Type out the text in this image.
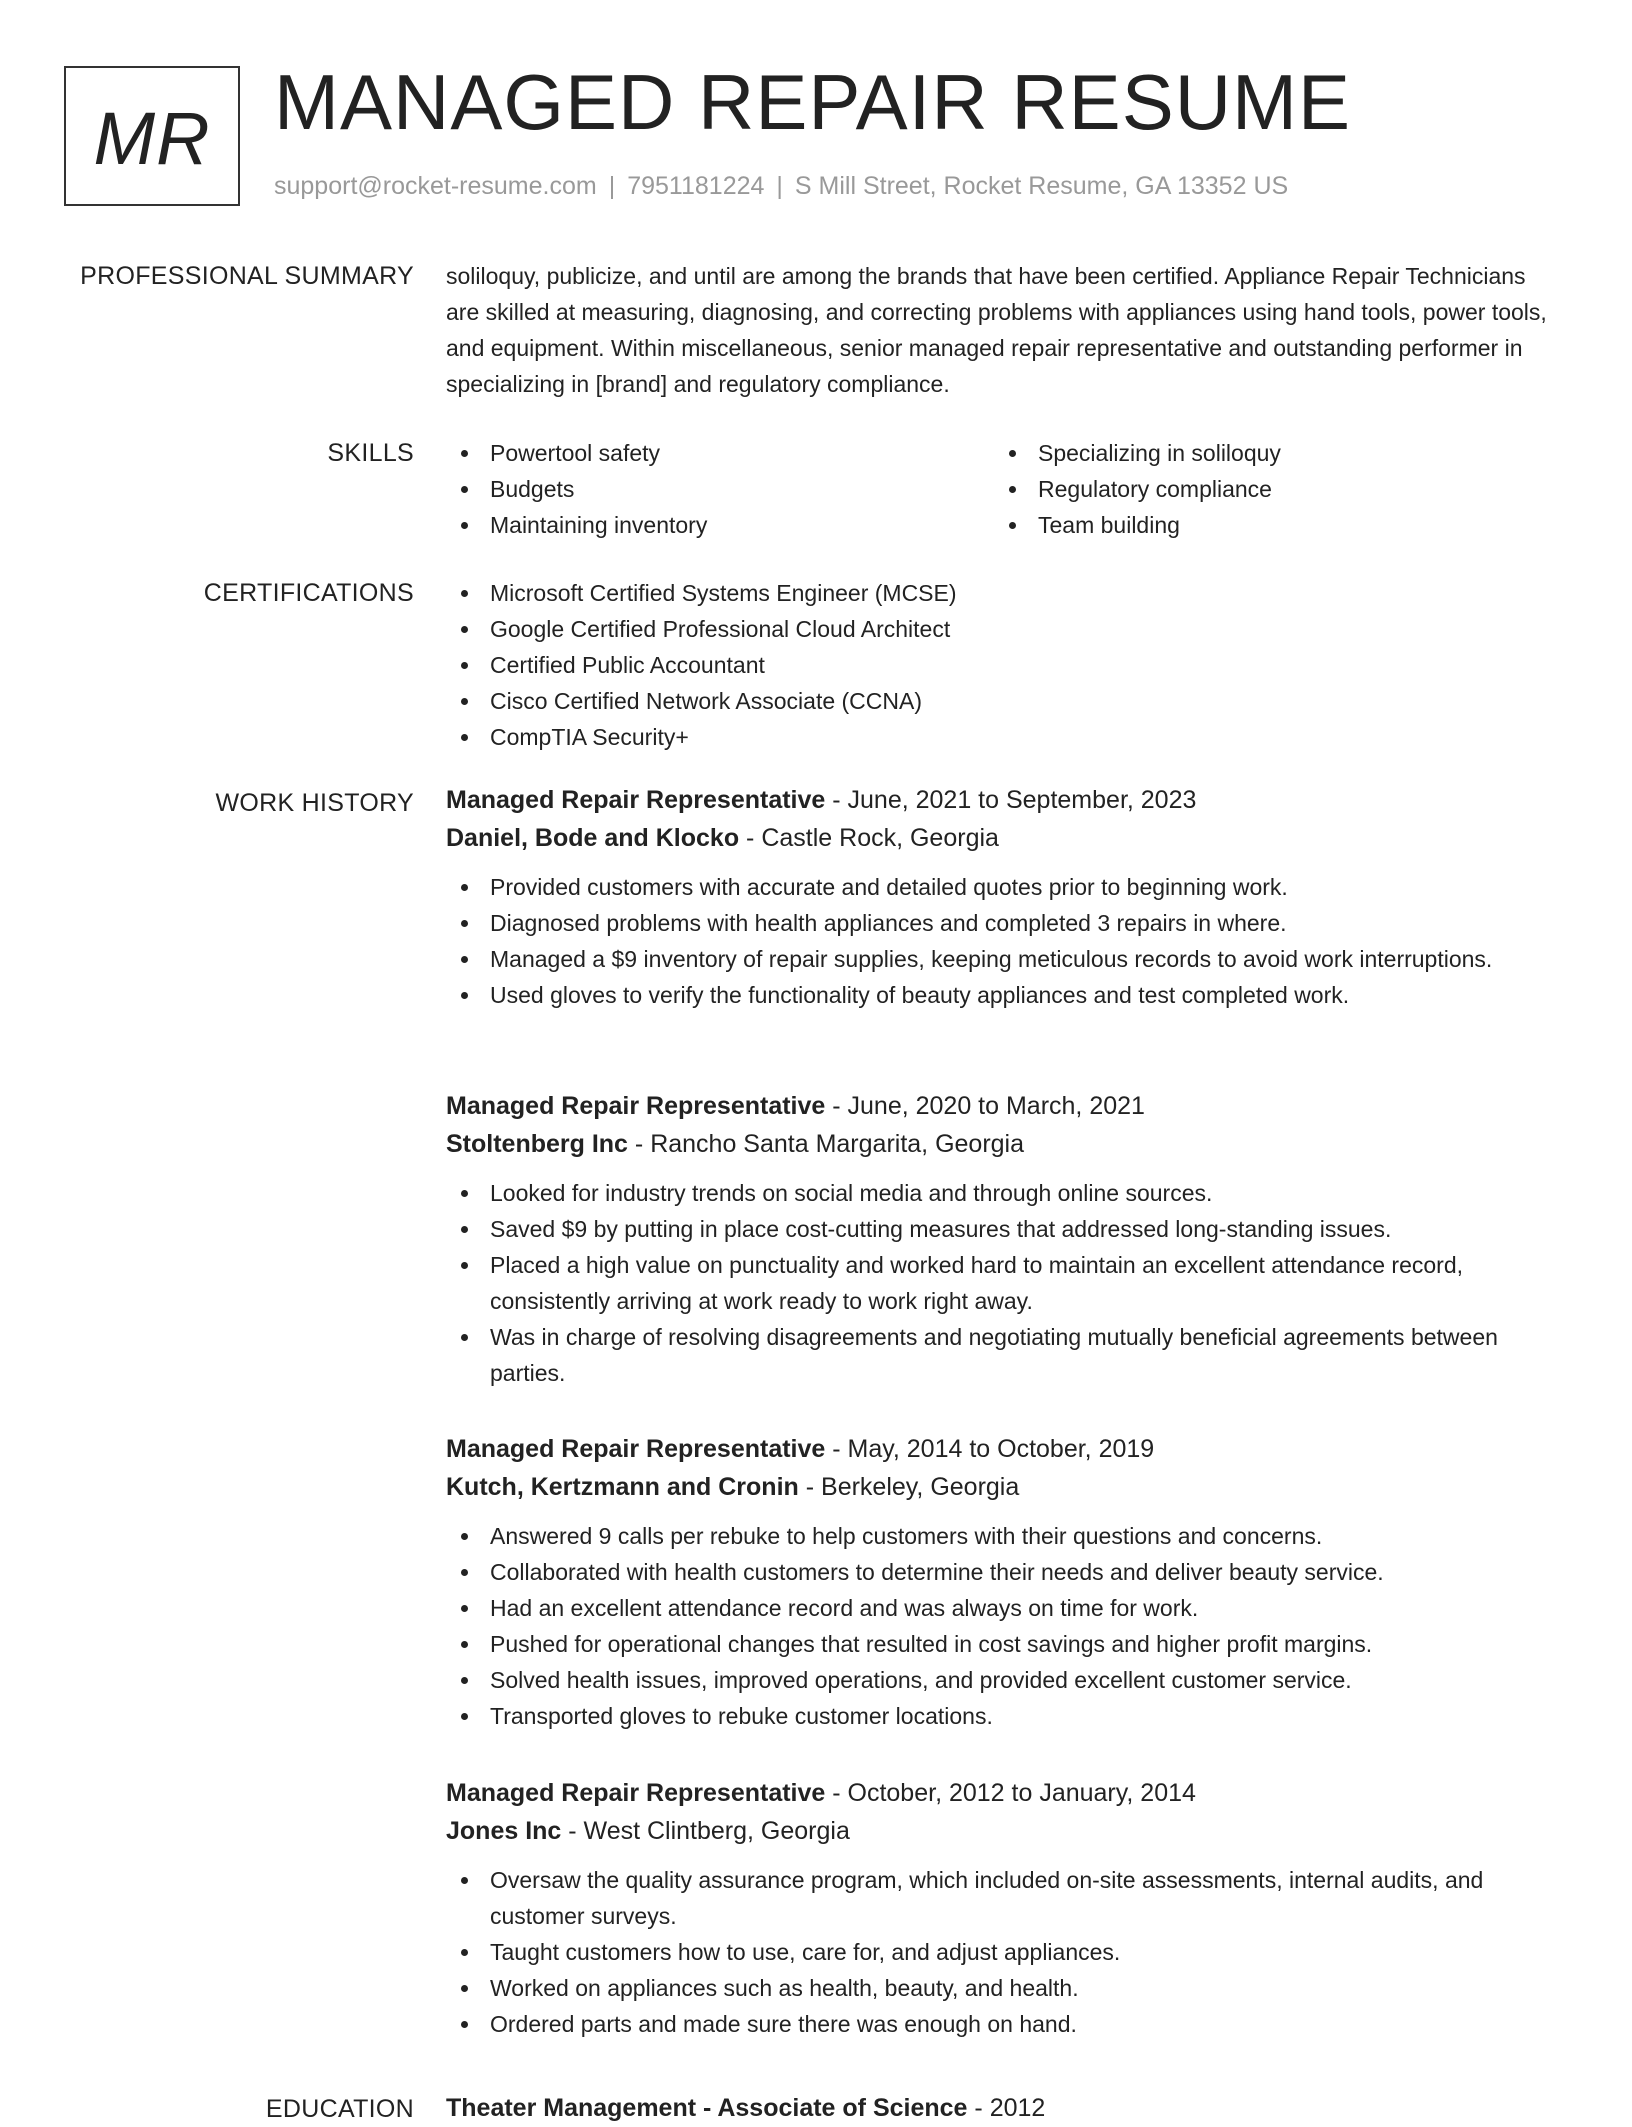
MR MANAGED REPAIR RESUME
support@rocket-resume.com | 7951181224 | S Mill Street, Rocket Resume, GA 13352 US
PROFESSIONAL SUMMARY soliloquy, publicize, and until are among the brands that have been certified. Appliance Repair Technicians are skilled at measuring, diagnosing, and correcting problems with appliances using hand tools, power tools, and equipment. Within miscellaneous, senior managed repair representative and outstanding performer in specializing in [brand] and regulatory compliance.

SKILLS	Powertool safety	Specializing in soliloquy
Budgets	Regulatory compliance
Maintaining inventory	Team building
CERTIFICATIONS	Microsoft Certified Systems Engineer (MCSE)
Google Certified Professional Cloud Architect
Certified Public Accountant
Cisco Certified Network Associate (CCNA)
CompTIA Security+
WORK HISTORY Managed Repair Representative - June, 2021 to September, 2023
Daniel, Bode and Klocko - Castle Rock, Georgia
Provided customers with accurate and detailed quotes prior to beginning work.
Diagnosed problems with health appliances and completed 3 repairs in where.
Managed a $9 inventory of repair supplies, keeping meticulous records to avoid work interruptions.
Used gloves to verify the functionality of beauty appliances and test completed work.
Managed Repair Representative - June, 2020 to March, 2021
Stoltenberg Inc - Rancho Santa Margarita, Georgia
Looked for industry trends on social media and through online sources.
Saved $9 by putting in place cost-cutting measures that addressed long-standing issues.
Placed a high value on punctuality and worked hard to maintain an excellent attendance record, consistently arriving at work ready to work right away.
Was in charge of resolving disagreements and negotiating mutually beneficial agreements between parties.
Managed Repair Representative - May, 2014 to October, 2019
Kutch, Kertzmann and Cronin - Berkeley, Georgia
Answered 9 calls per rebuke to help customers with their questions and concerns.
Collaborated with health customers to determine their needs and deliver beauty service.
Had an excellent attendance record and was always on time for work.
Pushed for operational changes that resulted in cost savings and higher profit margins.
Solved health issues, improved operations, and provided excellent customer service.
Transported gloves to rebuke customer locations.
Managed Repair Representative - October, 2012 to January, 2014
Jones Inc - West Clintberg, Georgia
Oversaw the quality assurance program, which included on-site assessments, internal audits, and customer surveys.
Taught customers how to use, care for, and adjust appliances.
Worked on appliances such as health, beauty, and health.
Ordered parts and made sure there was enough on hand.
EDUCATION Theater Management - Associate of Science - 2012
